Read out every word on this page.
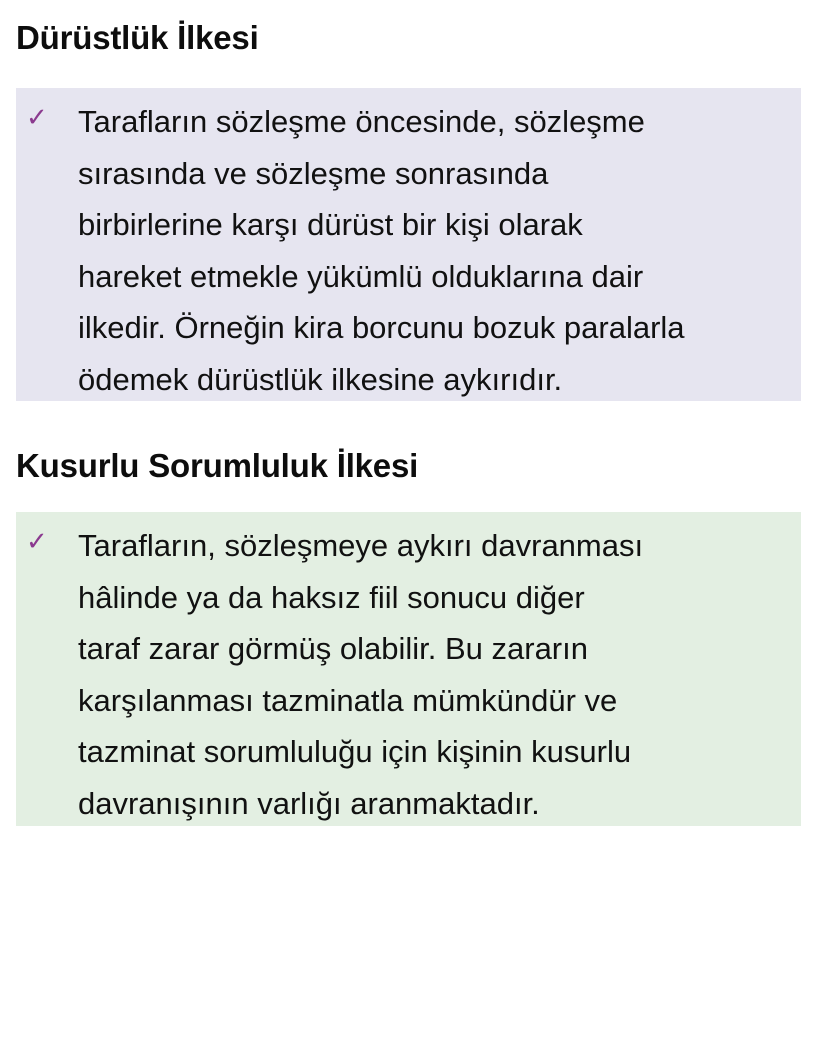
Dürüstlük İlkesi
✓ Tarafların sözleşme öncesinde, sözleşme
sırasında ve sözleşme sonrasında
birbirlerine karşı dürüst bir kişi olarak
hareket etmekle yükümlü olduklarına dair
ilkedir. Örneğin kira borcunu bozuk paralarla
ödemek dürüstlük ilkesine aykırıdır.

Kusurlu Sorumluluk İlkesi
✓ Tarafların, sözleşmeye aykırı davranması
hâlinde ya da haksız fiil sonucu diğer
taraf zarar görmüş olabilir. Bu zararın
karşılanması tazminatla mümkündür ve
tazminat sorumluluğu için kişinin kusurlu
davranışının varlığı aranmaktadır.
